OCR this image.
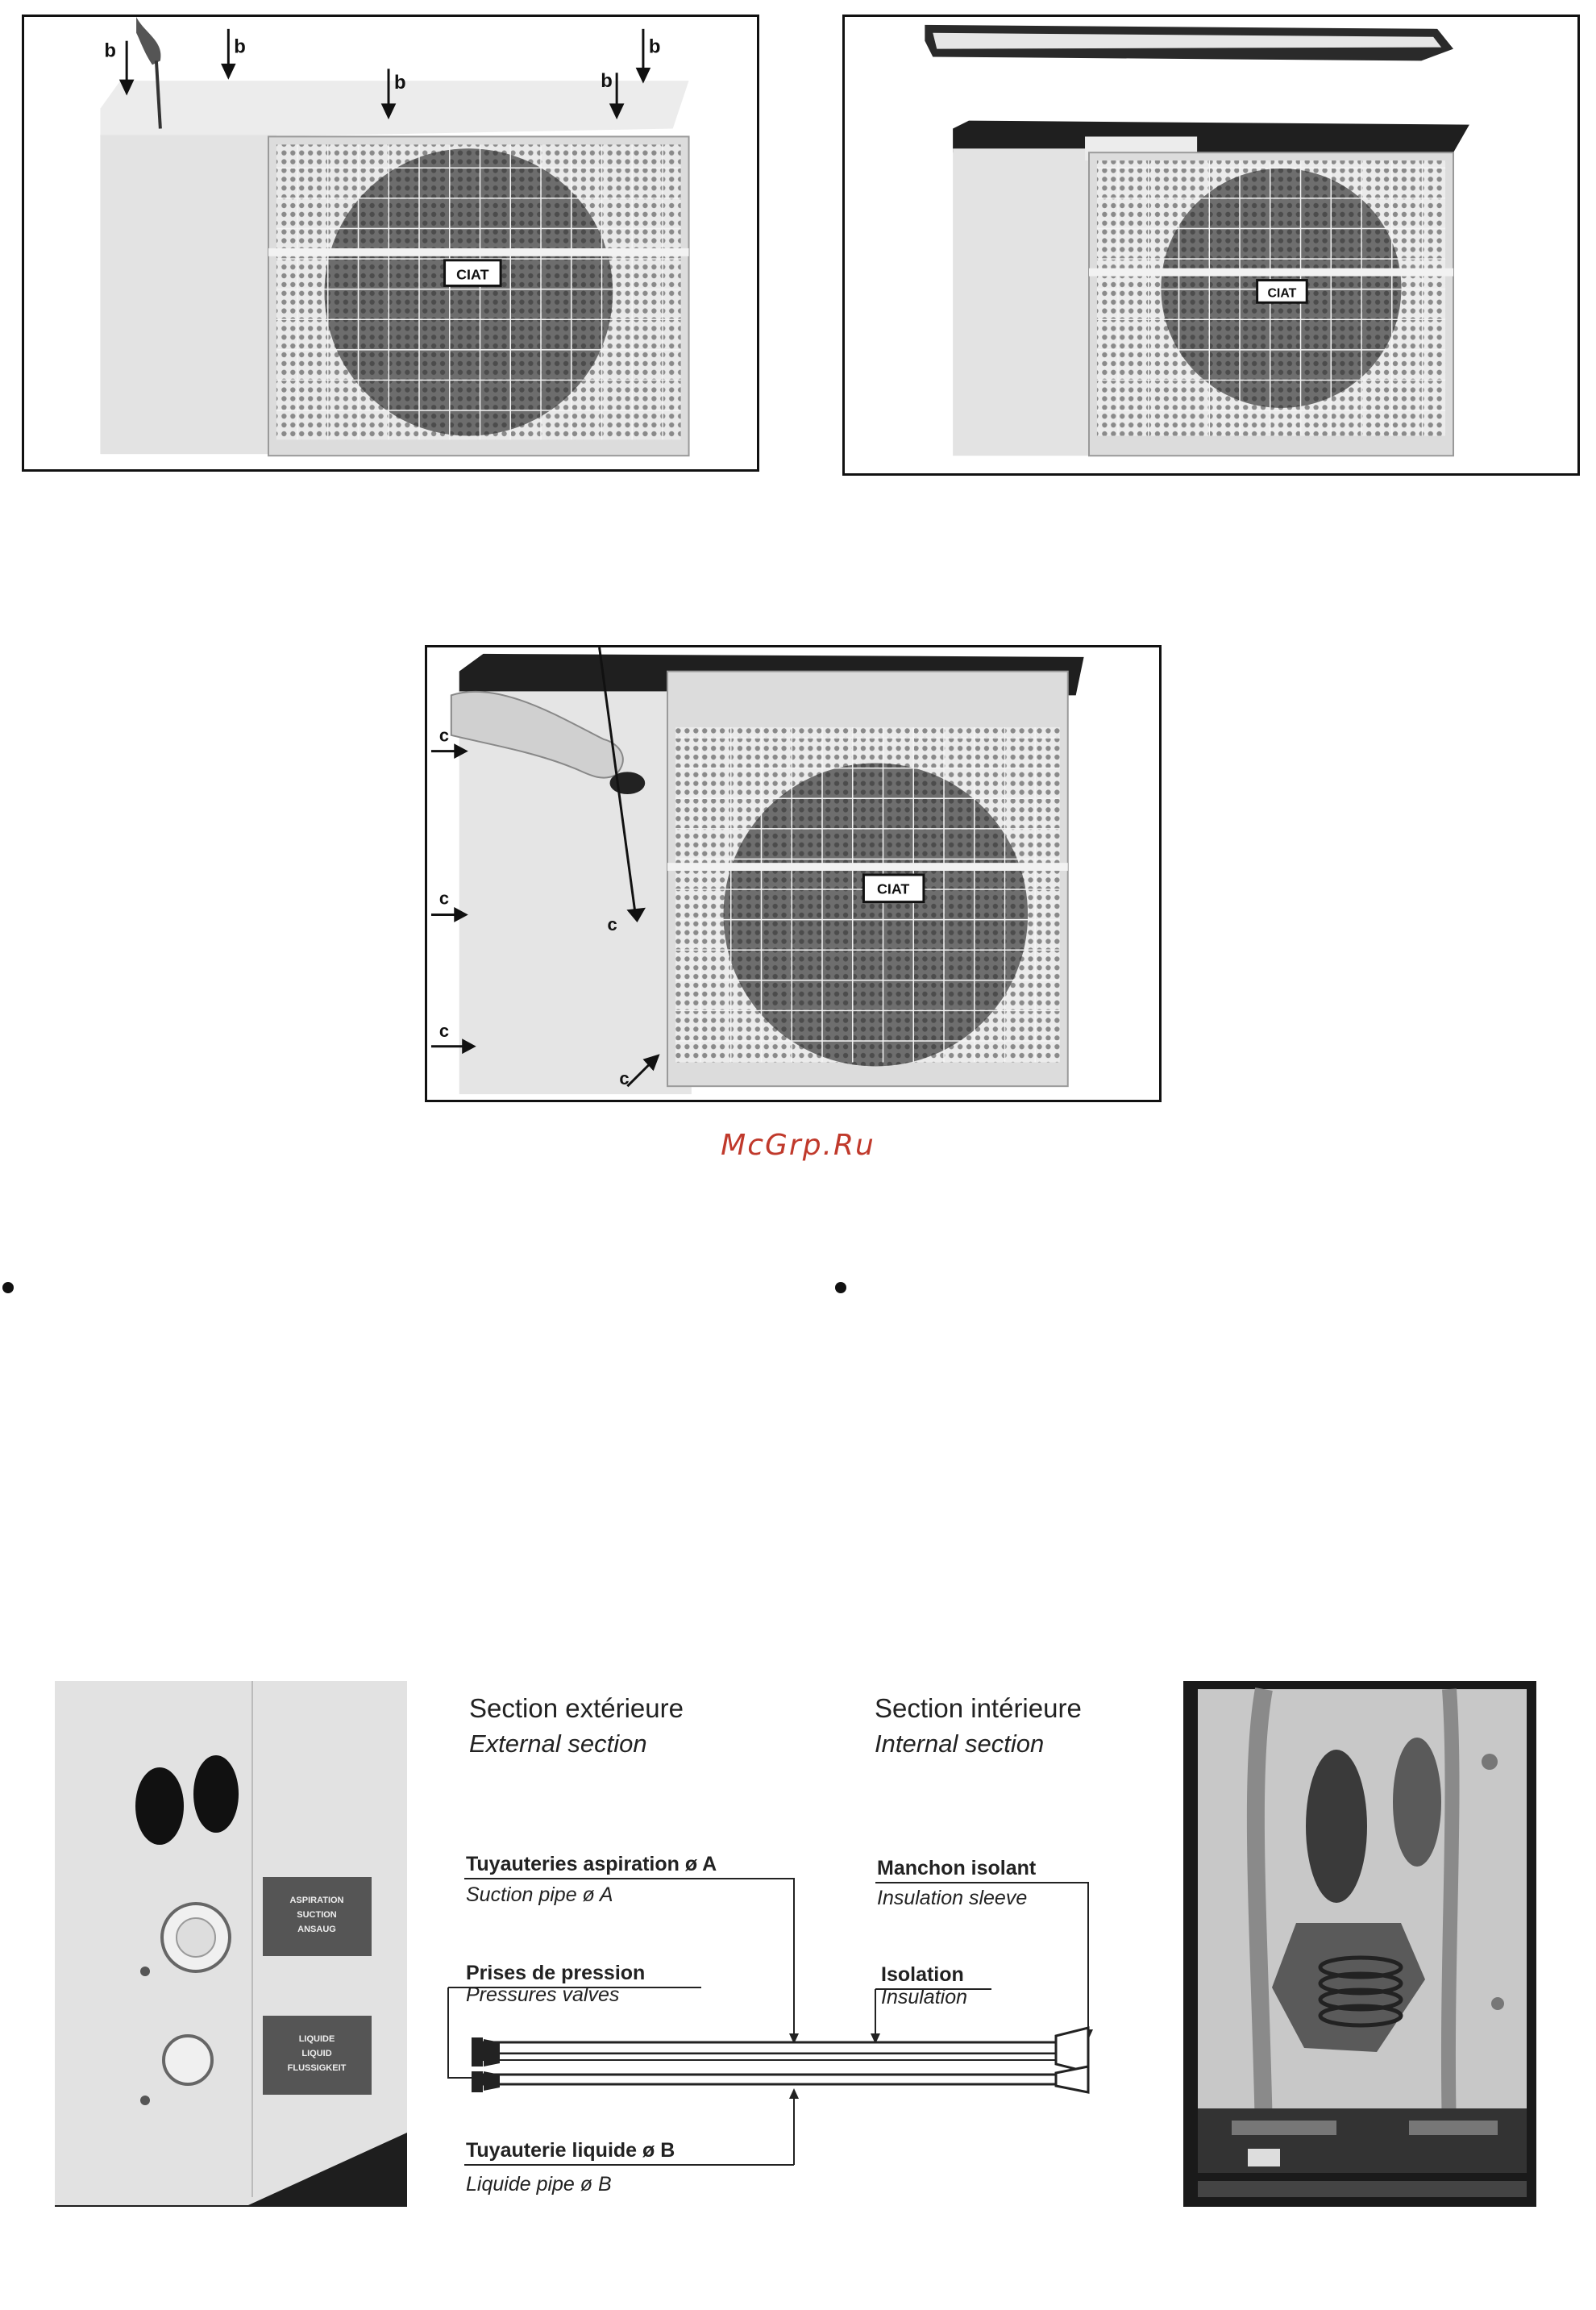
CIAT
b	b
b	b
b
CIAT
CIAT
c
c
c
c
c
McGrp.Ru
ASPIRATION
SUCTION
ANSAUG
LIQUIDE
LIQUID
FLUSSIGKEIT
Section extérieure
External section
Section intérieure
Internal section
Tuyauteries aspiration ø A
Suction pipe ø A
Prises de pression
Pressures valves
Manchon isolant
Insulation sleeve
Isolation
Insulation
Tuyauterie liquide ø B
Liquide pipe ø B
